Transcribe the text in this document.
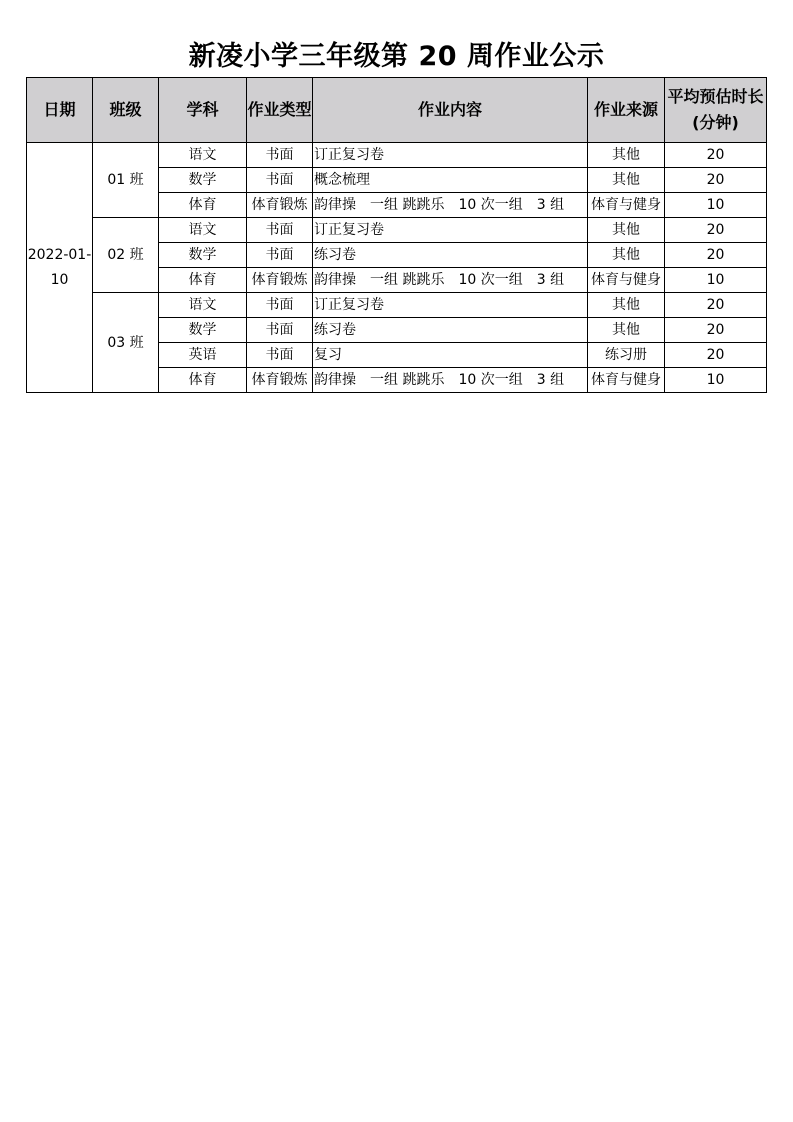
新凌小学三年级第 20 周作业公示
日期	班级	学科	作业类型	作业内容	作业来源	平均预估时长(分钟)
2022-01-10	01 班	语文	书面	订正复习卷	其他	20
		数学	书面	概念梳理	其他	20
		体育	体育锻炼	韵律操　一组 跳跳乐　10 次一组　3 组	体育与健身	10
	02 班	语文	书面	订正复习卷	其他	20
		数学	书面	练习卷	其他	20
		体育	体育锻炼	韵律操　一组 跳跳乐　10 次一组　3 组	体育与健身	10
	03 班	语文	书面	订正复习卷	其他	20
		数学	书面	练习卷	其他	20
		英语	书面	复习	练习册	20
		体育	体育锻炼	韵律操　一组 跳跳乐　10 次一组　3 组	体育与健身	10
